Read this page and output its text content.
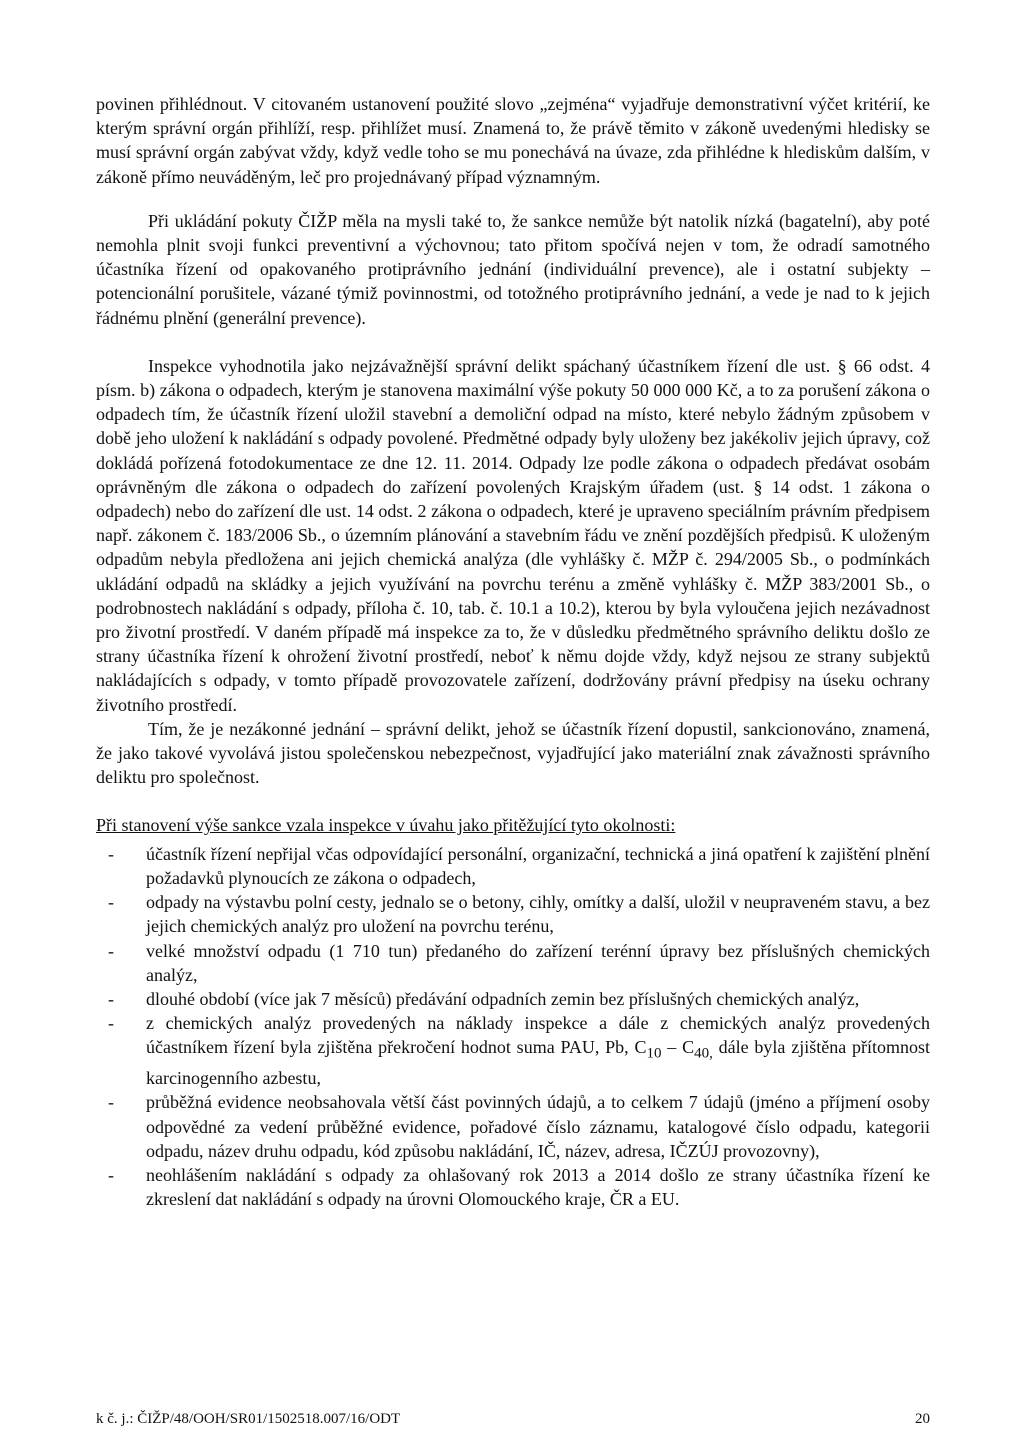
povinen přihlédnout. V citovaném ustanovení použité slovo „zejména“ vyjadřuje demonstrativní výčet kritérií, ke kterým správní orgán přihlíží, resp. přihlížet musí. Znamená to, že právě těmito v zákoně uvedenými hledisky se musí správní orgán zabývat vždy, když vedle toho se mu ponechává na úvaze, zda přihlédne k hlediskům dalším, v zákoně přímo neuváděným, leč pro projednávaný případ významným.

Při ukládání pokuty ČIŽP měla na mysli také to, že sankce nemůže být natolik nízká (bagatelní), aby poté nemohla plnit svoji funkci preventivní a výchovnou; tato přitom spočívá nejen v tom, že odradí samotného účastníka řízení od opakovaného protiprávního jednání (individuální prevence), ale i ostatní subjekty – potencionální porušitele, vázané týmiž povinnostmi, od totožného protiprávního jednání, a vede je nad to k jejich řádnému plnění (generální prevence).

Inspekce vyhodnotila jako nejzávažnější správní delikt spáchaný účastníkem řízení dle ust. § 66 odst. 4 písm. b) zákona o odpadech, kterým je stanovena maximální výše pokuty 50 000 000 Kč, a to za porušení zákona o odpadech tím, že účastník řízení uložil stavební a demoliční odpad na místo, které nebylo žádným způsobem v době jeho uložení k nakládání s odpady povolené. Předmětné odpady byly uloženy bez jakékoliv jejich úpravy, což dokládá pořízená fotodokumentace ze dne 12. 11. 2014. Odpady lze podle zákona o odpadech předávat osobám oprávněným dle zákona o odpadech do zařízení povolených Krajským úřadem (ust. § 14 odst. 1 zákona o odpadech) nebo do zařízení dle ust. 14 odst. 2 zákona o odpadech, které je upraveno speciálním právním předpisem např. zákonem č. 183/2006 Sb., o územním plánování a stavebním řádu ve znění pozdějších předpisů. K uloženým odpadům nebyla předložena ani jejich chemická analýza (dle vyhlášky č. MŽP č. 294/2005 Sb., o podmínkách ukládání odpadů na skládky a jejich využívání na povrchu terénu a změně vyhlášky č. MŽP 383/2001 Sb., o podrobnostech nakládání s odpady, příloha č. 10, tab. č. 10.1 a 10.2), kterou by byla vyloučena jejich nezávadnost pro životní prostředí. V daném případě má inspekce za to, že v důsledku předmětného správního deliktu došlo ze strany účastníka řízení k ohrožení životní prostředí, neboť k němu dojde vždy, když nejsou ze strany subjektů nakládajících s odpady, v tomto případě provozovatele zařízení, dodržovány právní předpisy na úseku ochrany životního prostředí.

Tím, že je nezákonné jednání – správní delikt, jehož se účastník řízení dopustil, sankcionováno, znamená, že jako takové vyvolává jistou společenskou nebezpečnost, vyjadřující jako materiální znak závažnosti správního deliktu pro společnost.

Při stanovení výše sankce vzala inspekce v úvahu jako přitěžující tyto okolnosti:

- účastník řízení nepřijal včas odpovídající personální, organizační, technická a jiná opatření k zajištění plnění požadavků plynoucích ze zákona o odpadech,
- odpady na výstavbu polní cesty, jednalo se o betony, cihly, omítky a další, uložil v neupraveném stavu, a bez jejich chemických analýz pro uložení na povrchu terénu,
- velké množství odpadu (1 710 tun) předaného do zařízení terénní úpravy bez příslušných chemických analýz,
- dlouhé období (více jak 7 měsíců) předávání odpadních zemin bez příslušných chemických analýz,
- z chemických analýz provedených na náklady inspekce a dále z chemických analýz provedených účastníkem řízení byla zjištěna překročení hodnot suma PAU, Pb, $C_{10} - C_{40,}$ dále byla zjištěna přítomnost karcinogenního azbestu,
- průběžná evidence neobsahovala větší část povinných údajů, a to celkem 7 údajů (jméno a příjmení osoby odpovědné za vedení průběžné evidence, pořadové číslo záznamu, katalogové číslo odpadu, kategorii odpadu, název druhu odpadu, kód způsobu nakládání, IČ, název, adresa, IČZÚJ provozovny),
- neohlášením nakládání s odpady za ohlašovaný rok 2013 a 2014 došlo ze strany účastníka řízení ke zkreslení dat nakládání s odpady na úrovni Olomouckého kraje, ČR a EU.
k č. j.: ČIŽP/48/OOH/SR01/1502518.007/16/ODT	20
